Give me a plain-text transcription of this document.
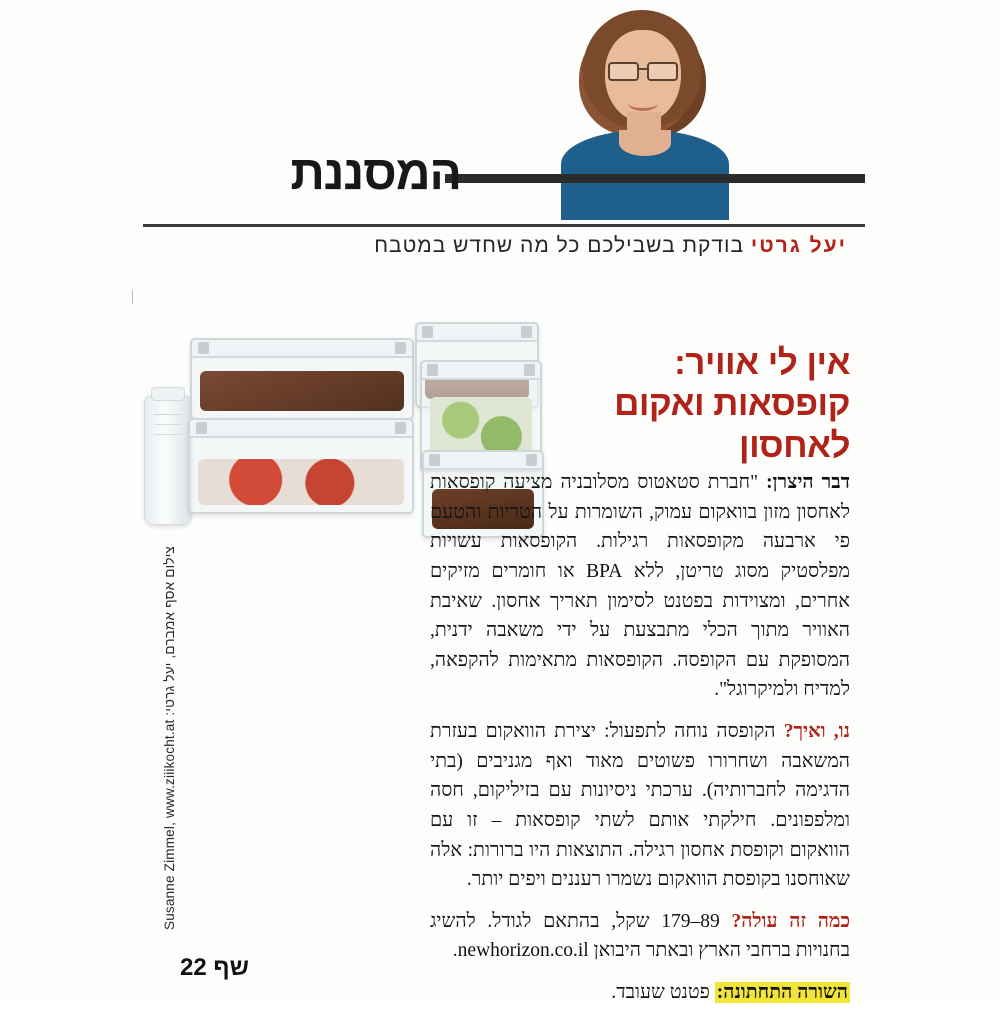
המסננת
יעל גרטי בודקת בשבילכם כל מה שחדש במטבח
אין לי אוויר:
קופסאות ואקום
לאחסון

דבר היצרן: "חברת סטאטוס מסלובניה מציעה קופסאות לאחסון מזון בוואקום עמוק, השומרות על הטריות והטעם פי ארבעה מקופסאות רגילות. הקופסאות עשויות מפלסטיק מסוג טריטן, ללא BPA או חומרים מזיקים אחרים, ומצוידות בפטנט לסימון תאריך אחסון. שאיבת האוויר מתוך הכלי מתבצעת על ידי משאבה ידנית, המסופקת עם הקופסה. הקופסאות מתאימות להקפאה, למדיח ולמיקרוגל".

נו, ואיך? הקופסה נוחה לתפעול: יצירת הוואקום בעזרת המשאבה ושחרורו פשוטים מאוד ואף מגניבים (בתי הדגימה לחברותיה). ערכתי ניסיונות עם בזיליקום, חסה ומלפפונים. חילקתי אותם לשתי קופסאות – זו עם הוואקום וקופסת אחסון רגילה. התוצאות היו ברורות: אלה שאוחסנו בקופסת הוואקום נשמרו רעננים ויפים יותר.

כמה זה עולה? 89–179 שקל, בהתאם לגודל. להשיג בחנויות ברחבי הארץ ובאתר היבואן newhorizon.co.il.

השורה התחתונה: פטנט שעובד.

Susanne Zimmel, www.ziiikocht.at :צילום אסף אמברם, יעל גרטי
שף 22
